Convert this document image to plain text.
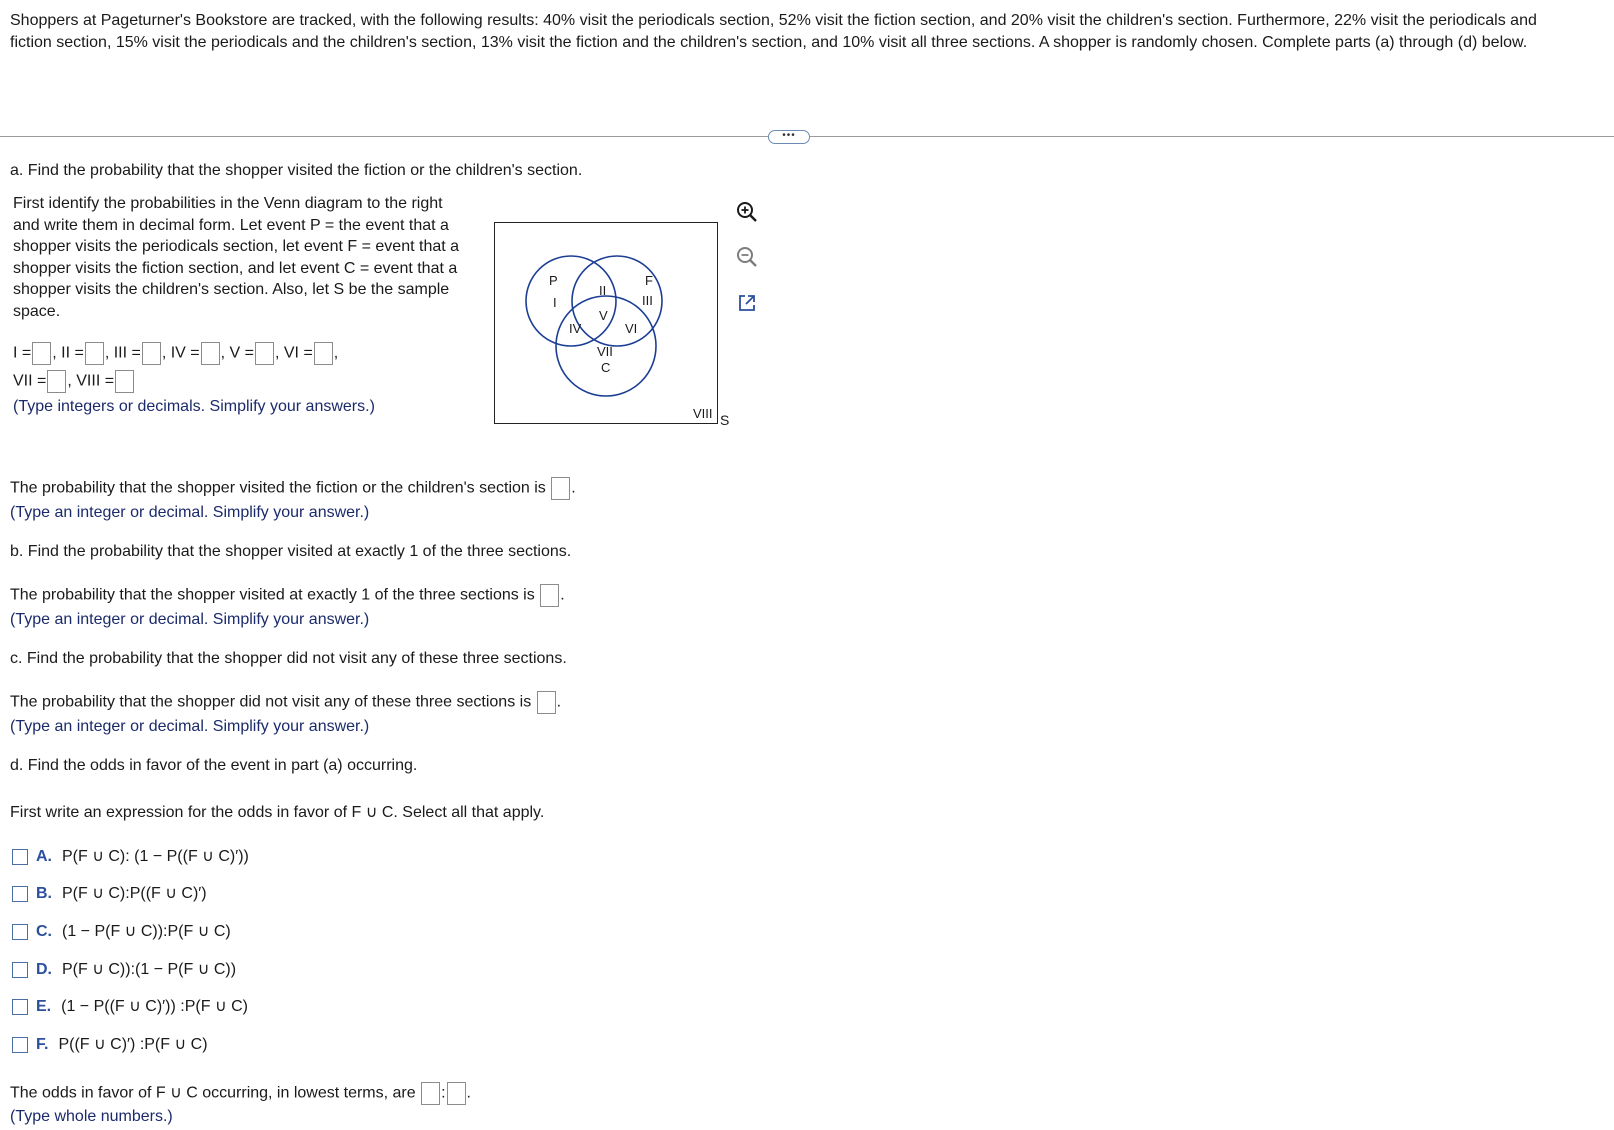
Shoppers at Pageturner's Bookstore are tracked, with the following results: 40% visit the periodicals section, 52% visit the fiction section, and 20% visit the children's section. Furthermore, 22% visit the periodicals and fiction section, 15% visit the periodicals and the children's section, 13% visit the fiction and the children's section, and 10% visit all three sections. A shopper is randomly chosen. Complete parts (a) through (d) below.
•••
a. Find the probability that the shopper visited the fiction or the children's section.
First identify the probabilities in the Venn diagram to the right and write them in decimal form. Let event P = the event that a shopper visits the periodicals section, let event F = event that a shopper visits the fiction section, and let event C = event that a shopper visits the children's section. Also, let S be the sample space.
I = , II = , III = , IV = , V = , VI = ,
VII = , VIII =
(Type integers or decimals. Simplify your answers.)
P
I
II
F
III
V
IV	VI
VII
C
VIII S
The probability that the shopper visited the fiction or the children's section is .
(Type an integer or decimal. Simplify your answer.)
b. Find the probability that the shopper visited at exactly 1 of the three sections.
The probability that the shopper visited at exactly 1 of the three sections is .
(Type an integer or decimal. Simplify your answer.)
c. Find the probability that the shopper did not visit any of these three sections.
The probability that the shopper did not visit any of these three sections is .
(Type an integer or decimal. Simplify your answer.)
d. Find the odds in favor of the event in part (a) occurring.
First write an expression for the odds in favor of F ∪ C. Select all that apply.
A. P(F ∪ C): (1 − P((F ∪ C)′))
B. P(F ∪ C):P((F ∪ C)′)
C. (1 − P(F ∪ C)):P(F ∪ C)
D. P(F ∪ C)):(1 − P(F ∪ C))
E. (1 − P((F ∪ C)′)) :P(F ∪ C)
F. P((F ∪ C)′) :P(F ∪ C)
The odds in favor of F ∪ C occurring, in lowest terms, are : .
(Type whole numbers.)
